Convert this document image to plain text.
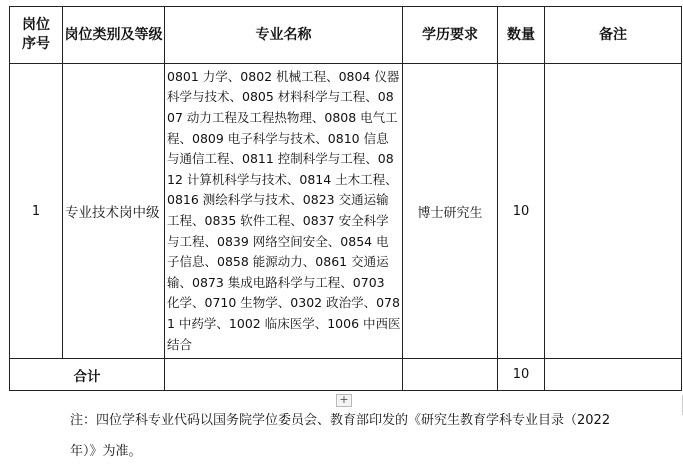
岗位
序号	岗位类别及等级	专业名称	学历要求	数量	备注
1	专业技术岗中级	0801 力学、0802 机械工程、0804 仪器科学与技术、0805 材料科学与工程、0807 动力工程及工程热物理、0808 电气工程、0809 电子科学与技术、0810 信息与通信工程、0811 控制科学与工程、0812 计算机科学与技术、0814 土木工程、0816 测绘科学与技术、0823 交通运输工程、0835 软件工程、0837 安全科学与工程、0839 网络空间安全、0854 电子信息、0858 能源动力、0861 交通运输、0873 集成电路科学与工程、0703 化学、0710 生物学、0302 政治学、0781 中药学、1002 临床医学、1006 中西医结合	博士研究生	10	
合计				10	
+
注：四位学科专业代码以国务院学位委员会、教育部印发的《研究生教育学科专业目录（2022年）》为准。
